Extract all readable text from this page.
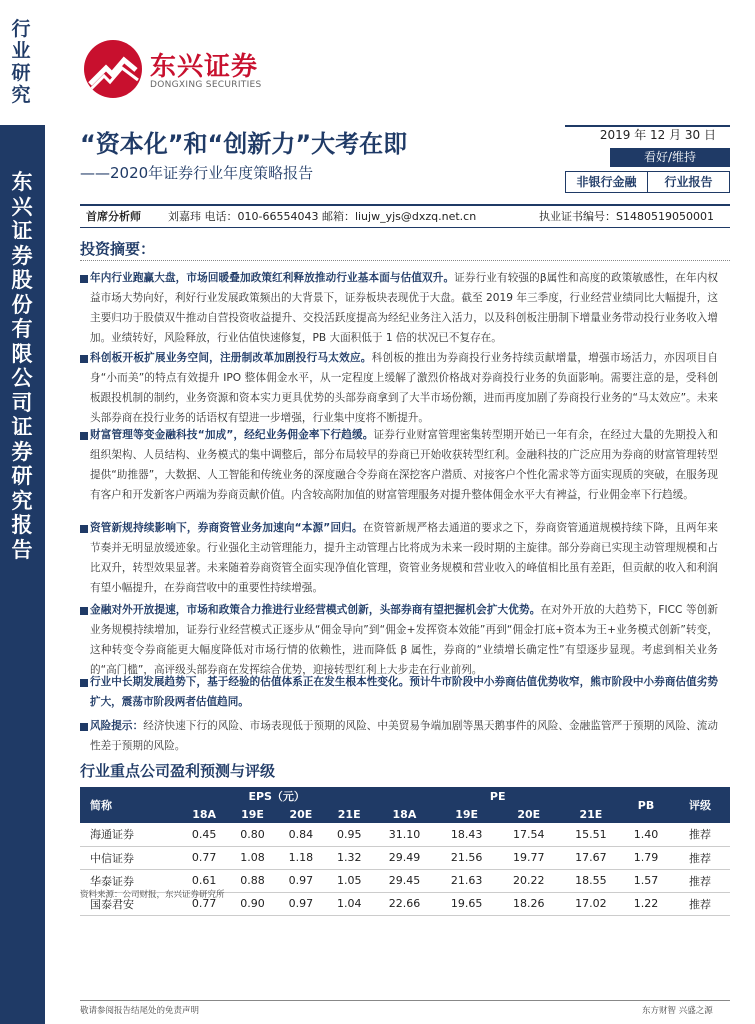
行业研究
东兴证券股份有限公司证券研究报告
东兴证券
DONGXING SECURITIES
“资本化”和“创新力”大考在即
——2020年证券行业年度策略报告
2019 年 12 月 30 日
看好/维持
非银行金融	行业报告
首席分析师 刘嘉玮 电话：010-66554043 邮箱：liujw_yjs@dxzq.net.cn	执业证书编号：S1480519050001
投资摘要：
年内行业跑赢大盘，市场回暖叠加政策红利释放推动行业基本面与估值双升。证券行业有较强的β属性和高度的政策敏感性，在年内权益市场大势向好，利好行业发展政策频出的大背景下，证券板块表现优于大盘。截至 2019 年三季度，行业经营业绩同比大幅提升，这主要归功于股债双牛推动自营投资收益提升、交投活跃度提高为经纪业务注入活力，以及科创板注册制下增量业务带动投行业务收入增加。业绩转好，风险释放，行业估值快速修复，PB 大面积低于 1 倍的状况已不复存在。
科创板开板扩展业务空间，注册制改革加剧投行马太效应。科创板的推出为券商投行业务持续贡献增量，增强市场活力，亦因项目自身“小而美”的特点有效提升 IPO 整体佣金水平，从一定程度上缓解了激烈价格战对券商投行业务的负面影响。需要注意的是，受科创板跟投机制的制约，业务资源和资本实力更具优势的头部券商拿到了大半市场份额，进而再度加剧了券商投行业务的“马太效应”。未来头部券商在投行业务的话语权有望进一步增强，行业集中度将不断提升。
财富管理等变金融科技“加成”，经纪业务佣金率下行趋缓。证券行业财富管理密集转型期开始已一年有余，在经过大量的先期投入和组织架构、人员结构、业务模式的集中调整后，部分布局较早的券商已开始收获转型红利。金融科技的广泛应用为券商的财富管理转型提供“助推器”，大数据、人工智能和传统业务的深度融合令券商在深挖客户潜质、对接客户个性化需求等方面实现质的突破，在服务现有客户和开发新客户两端为券商贡献价值。内含较高附加值的财富管理服务对提升整体佣金水平大有裨益，行业佣金率下行趋缓。
资管新规持续影响下，券商资管业务加速向“本源”回归。在资管新规严格去通道的要求之下，券商资管通道规模持续下降，且两年来节奏并无明显放缓迹象。行业强化主动管理能力，提升主动管理占比将成为未来一段时期的主旋律。部分券商已实现主动管理规模和占比双升，转型效果显著。未来随着券商资管全面实现净值化管理，资管业务规模和营业收入的峰值相比虽有差距，但贡献的收入和利润有望小幅提升，在券商营收中的重要性持续增强。
金融对外开放提速，市场和政策合力推进行业经营模式创新，头部券商有望把握机会扩大优势。在对外开放的大趋势下，FICC 等创新业务规模持续增加，证券行业经营模式正逐步从“佣金导向”到“佣金+发挥资本效能”再到“佣金打底+资本为王+业务模式创新”转变，这种转变令券商能更大幅度降低对市场行情的依赖性，进而降低 β 属性，券商的“业绩增长确定性”有望逐步显现。考虑到相关业务的“高门槛”，高评级头部券商在发挥综合优势，迎接转型红利上大步走在行业前列。
行业中长期发展趋势下，基于经验的估值体系正在发生根本性变化。预计牛市阶段中小券商估值优势收窄，熊市阶段中小券商估值劣势扩大，震荡市阶段两者估值趋同。
风险提示：经济快速下行的风险、市场表现低于预期的风险、中美贸易争端加剧等黑天鹅事件的风险、金融监管严于预期的风险、流动性差于预期的风险。
行业重点公司盈利预测与评级
简称	EPS（元）				PE				PB	评级
	18A	19E	20E	21E	18A	19E	20E	21E		
海通证券	0.45	0.80	0.84	0.95	31.10	18.43	17.54	15.51	1.40	推荐
中信证券	0.77	1.08	1.18	1.32	29.49	21.56	19.77	17.67	1.79	推荐
华泰证券	0.61	0.88	0.97	1.05	29.45	21.63	20.22	18.55	1.57	推荐
国泰君安	0.77	0.90	0.97	1.04	22.66	19.65	18.26	17.02	1.22	推荐
资料来源：公司财报，东兴证券研究所
敬请参阅报告结尾处的免责声明	东方财智 兴盛之源
